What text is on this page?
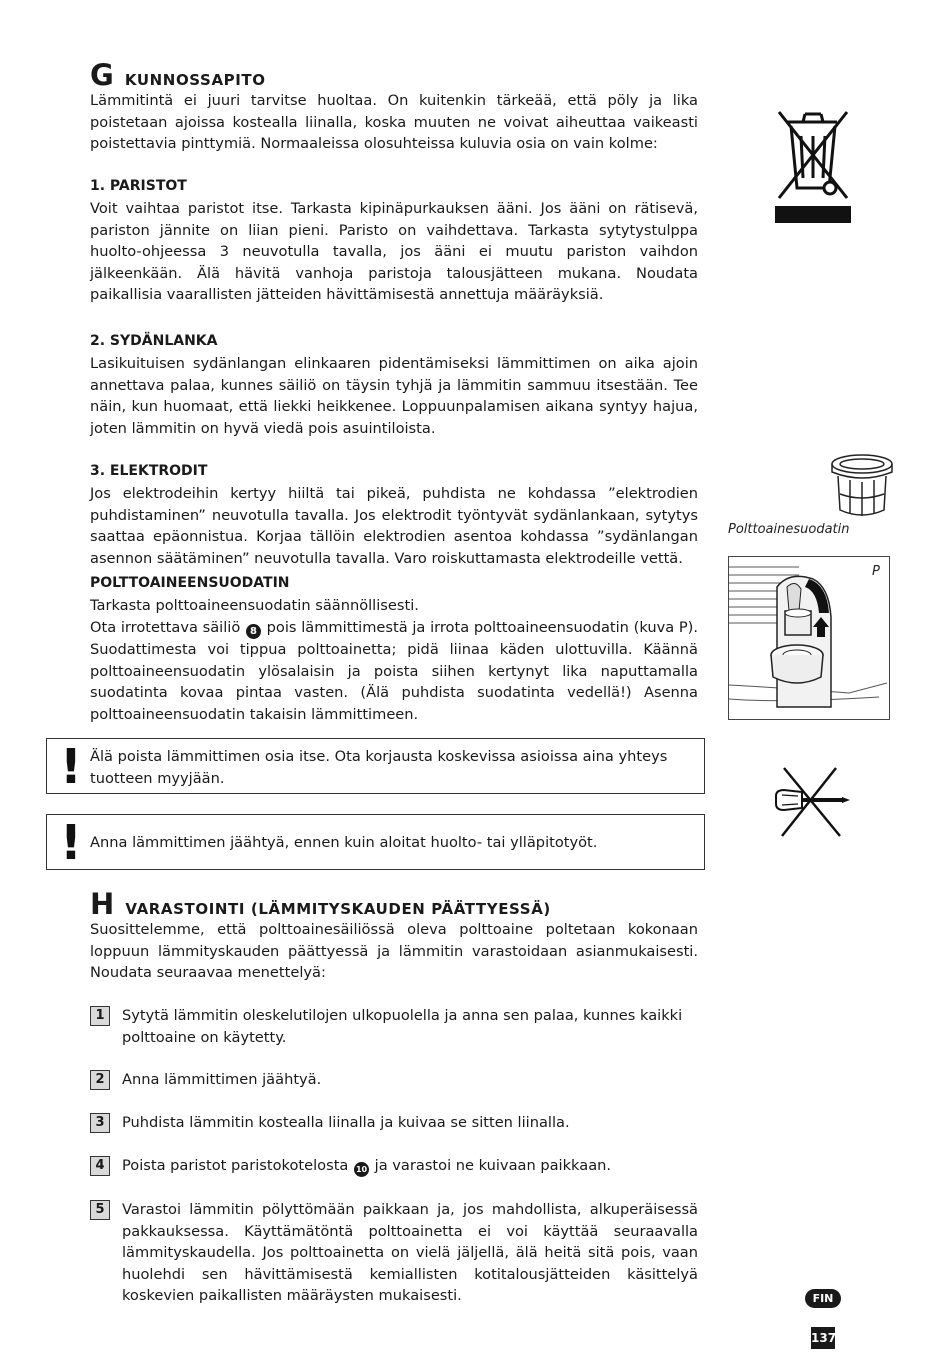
G KUNNOSSAPITO
Lämmitintä ei juuri tarvitse huoltaa. On kuitenkin tärkeää, että pöly ja lika poistetaan ajoissa kostealla liinalla, koska muuten ne voivat aiheuttaa vaikeasti poistettavia pinttymiä. Normaaleissa olosuhteissa kuluvia osia on vain kolme:
1. PARISTOT
Voit vaihtaa paristot itse. Tarkasta kipinäpurkauksen ääni. Jos ääni on rätisevä, pariston jännite on liian pieni. Paristo on vaihdettava. Tarkasta sytytystulppa huolto-ohjeessa 3 neuvotulla tavalla, jos ääni ei muutu pariston vaihdon jälkeenkään. Älä hävitä vanhoja paristoja talousjätteen mukana. Noudata paikallisia vaarallisten jätteiden hävittämisestä annettuja määräyksiä.
2. SYDÄNLANKA
Lasikuituisen sydänlangan elinkaaren pidentämiseksi lämmittimen on aika ajoin annettava palaa, kunnes säiliö on täysin tyhjä ja lämmitin sammuu itsestään. Tee näin, kun huomaat, että liekki heikkenee. Loppuunpalamisen aikana syntyy hajua, joten lämmitin on hyvä viedä pois asuintiloista.
3. ELEKTRODIT
Jos elektrodeihin kertyy hiiltä tai pikeä, puhdista ne kohdassa ”elektrodien puhdistaminen” neuvotulla tavalla. Jos elektrodit työntyvät sydänlankaan, sytytys saattaa epäonnistua. Korjaa tällöin elektrodien asentoa kohdassa ”sydänlangan asennon säätäminen” neuvotulla tavalla. Varo roiskuttamasta elektrodeille vettä.
POLTTOAINEENSUODATIN
Tarkasta polttoaineensuodatin säännöllisesti.
Ota irrotettava säiliö 8 pois lämmittimestä ja irrota polttoaineensuodatin (kuva P). Suodattimesta voi tippua polttoainetta; pidä liinaa käden ulottuvilla. Käännä polttoaineensuodatin ylösalaisin ja poista siihen kertynyt lika naputtamalla suodatinta kovaa pintaa vasten. (Älä puhdista suodatinta vedellä!) Asenna polttoaineensuodatin takaisin lämmittimeen.
! Älä poista lämmittimen osia itse. Ota korjausta koskevissa asioissa aina yhteys tuotteen myyjään.
! Anna lämmittimen jäähtyä, ennen kuin aloitat huolto- tai ylläpitotyöt.
H VARASTOINTI (LÄMMITYSKAUDEN PÄÄTTYESSÄ)
Suosittelemme, että polttoainesäiliössä oleva polttoaine poltetaan kokonaan loppuun lämmityskauden päättyessä ja lämmitin varastoidaan asianmukaisesti. Noudata seuraavaa menettelyä:
1	Sytytä lämmitin oleskelutilojen ulkopuolella ja anna sen palaa, kunnes kaikki polttoaine on käytetty.
2	Anna lämmittimen jäähtyä.
3	Puhdista lämmitin kostealla liinalla ja kuivaa se sitten liinalla.
4	Poista paristot paristokotelosta 10 ja varastoi ne kuivaan paikkaan.
5	Varastoi lämmitin pölyttömään paikkaan ja, jos mahdollista, alkuperäisessä pakkauksessa. Käyttämätöntä polttoainetta ei voi käyttää seuraavalla lämmityskaudella. Jos polttoainetta on vielä jäljellä, älä heitä sitä pois, vaan huolehdi sen hävittämisestä kemiallisten kotitalousjätteiden käsittelyä koskevien paikallisten määräysten mukaisesti.
Polttoainesuodatin
P
FIN
137
